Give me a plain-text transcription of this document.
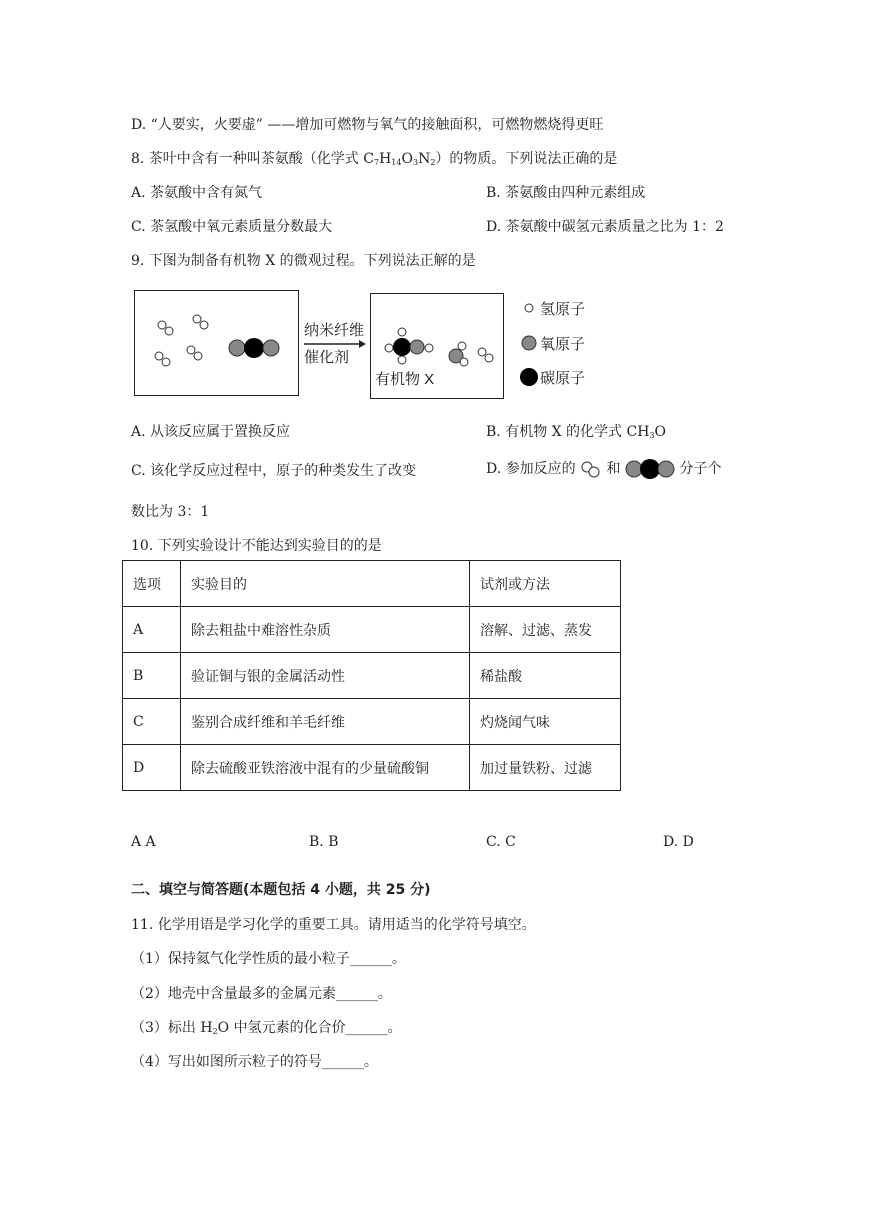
D. “人要实，火要虚” ——增加可燃物与氧气的接触面积，可燃物燃烧得更旺
8. 茶叶中含有一种叫茶氨酸（化学式 $C_7H_{14}O_3N_2$）的物质。下列说法正确的是
A. 茶氨酸中含有氮气	B. 茶氨酸由四种元素组成
C. 茶氢酸中氧元素质量分数最大	D. 茶氨酸中碳氢元素质量之比为 1：2
9. 下图为制备有机物 X 的微观过程。下列说法正解的是
纳米纤维
催化剂
有机物 X
氢原子
氧原子
碳原子
A. 从该反应属于置换反应	B. 有机物 X 的化学式 $CH_3O$
C. 该化学反应过程中，原子的种类发生了改变	D. 参加反应的 和	分子个
数比为 3：1
10. 下列实验设计不能达到实验目的的是
选项	实验目的	试剂或方法
A	除去粗盐中难溶性杂质	溶解、过滤、蒸发
B	验证铜与银的金属活动性	稀盐酸
C	鉴别合成纤维和羊毛纤维	灼烧闻气味
D	除去硫酸亚铁溶液中混有的少量硫酸铜	加过量铁粉、过滤
A A	B. B	C. C	D. D
二、填空与简答题(本题包括 4 小题，共 25 分)
11. 化学用语是学习化学的重要工具。请用适当的化学符号填空。
（1）保持氦气化学性质的最小粒子______。
（2）地壳中含量最多的金属元素______。
（3）标出 $H_2O$ 中氢元素的化合价______。
（4）写出如图所示粒子的符号______。
